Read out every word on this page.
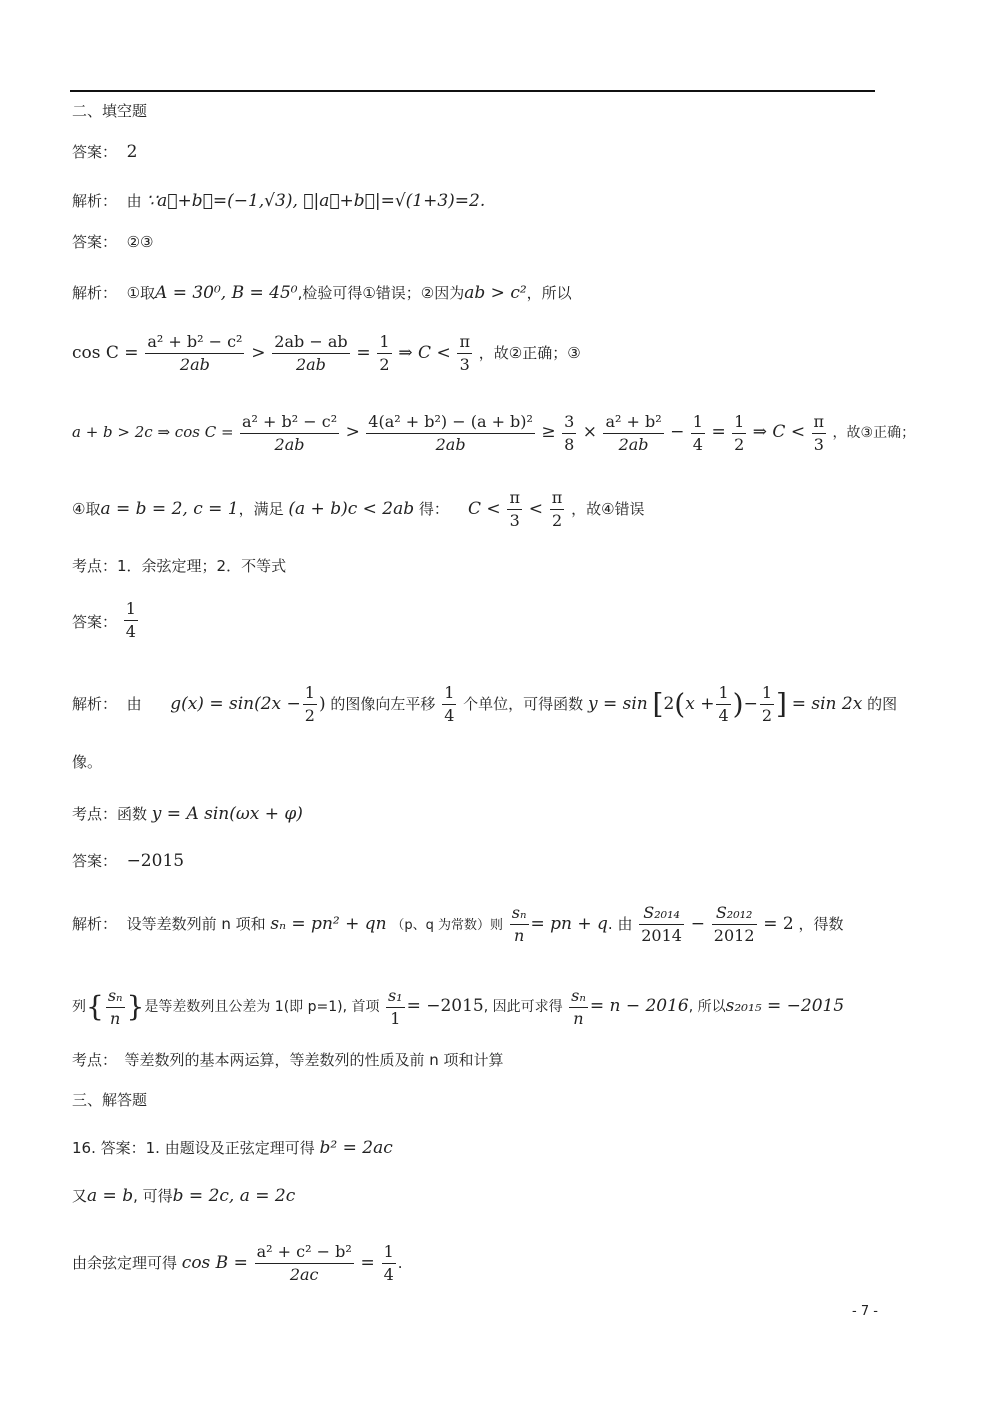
二、填空题
答案： 2
解析： 由 ∵a⃗+b⃗=(−1,√3), ∴|a⃗+b⃗|=√(1+3)=2.
答案： ②③
解析： ①取A = 30⁰, B = 45⁰,检验可得①错误；②因为ab > c²，所以
$\cos C = \frac{\text{a² + b² − c²}}{2ab} > \frac{2ab - ab}{2ab} = \frac{1}{2}$ ⇒ $C < \frac{\pi}{3}$ ，故②正确；③
a + b > 2c ⇒ $\cos C = \frac{\text{a² + b² − c²}}{2ab} > \frac{\text{4(a² + b²) − (a + b)²}}{2ab} \ge \frac{3}{8} \times \frac{\text{a² + b²}}{2ab} - \frac{1}{4} = \frac{1}{2}$ ⇒ $C < \frac{\pi}{3}$ ，故③正确；
④取a = b = 2, c = 1，满足 (a + b)c < 2ab 得： $C < \frac{\pi}{3} < \frac{\pi}{2}$ ，故④错误
考点：1．余弦定理；2．不等式
答案： $\frac{1}{4}$
解析： 由 $g(x) = \sin(2x - \frac{1}{2}$ ) 的图像向左平移 $\frac{1}{4}$ 个单位，可得函数 $y = \sin [2(x + \frac{1}{4}$ )− $\frac{1}{2}$ ] = sin 2x 的图
像。
考点：函数 y = A sin(ωx + φ)
答案： −2015
解析： 设等差数列前 n 项和 sₙ = pn² + qn （p、q 为常数）则 $\frac{\text{sₙ}}{n}$ = pn + q. 由 $\frac{\text{S₂₀₁₄}}{2014} - \frac{\text{S₂₀₁₂}}{2012} = 2$ ，得数
列{ $\frac{\text{sₙ}}{n}$ }是等差数列且公差为 1(即 p=1), 首项 $\frac{\text{s₁}}{1} = -2015$, 因此可求得 $\frac{\text{sₙ}}{n} = n - 2016$, 所以s₂₀₁₅ = −2015
考点：　等差数列的基本两运算，等差数列的性质及前 n 项和计算
三、解答题
16. 答案：1. 由题设及正弦定理可得 b² = 2ac
又a = b, 可得b = 2c, a = 2c
由余弦定理可得 $\cos B = \frac{\text{a² + c² − b²}}{2ac} = \frac{1}{4}$ .
- 7 -
